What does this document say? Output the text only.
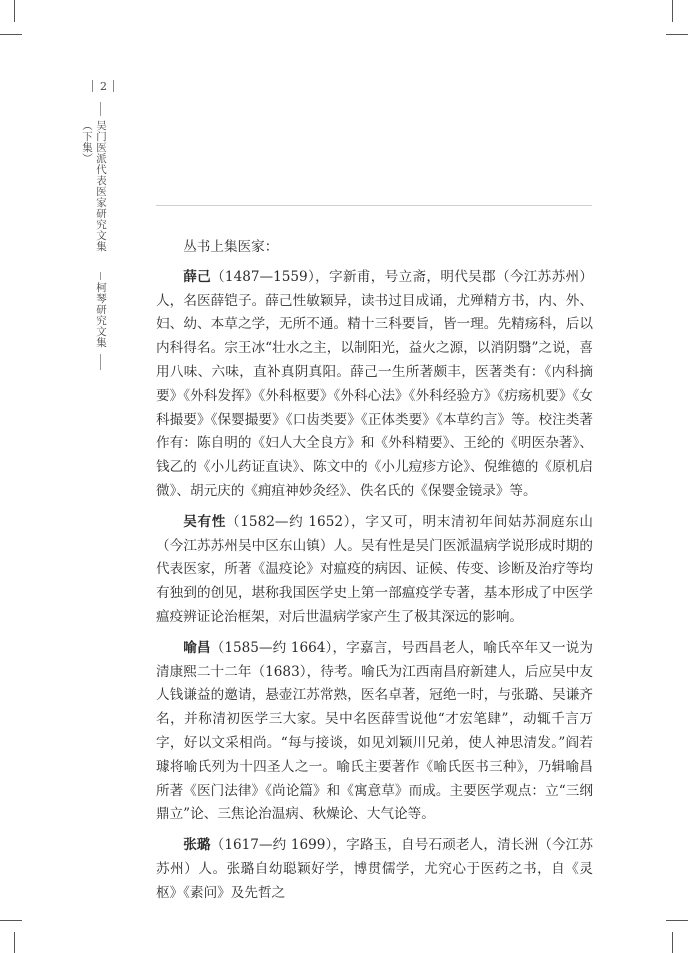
2
吴门医派代表医家研究文集（下集）
柯琴研究文集

丛书上集医家：

薛己（1487—1559），字新甫，号立斋，明代吴郡（今江苏苏州）人，名医薛铠子。薛己性敏颖异，读书过目成诵，尤殚精方书，内、外、妇、幼、本草之学，无所不通。精十三科要旨，皆一理。先精疡科，后以内科得名。宗王冰“壮水之主，以制阳光，益火之源，以消阴翳”之说，喜用八味、六味，直补真阴真阳。薛己一生所著颇丰，医著类有：《内科摘要》《外科发挥》《外科枢要》《外科心法》《外科经验方》《疠疡机要》《女科撮要》《保婴撮要》《口齿类要》《正体类要》《本草约言》等。校注类著作有：陈自明的《妇人大全良方》和《外科精要》、王纶的《明医杂著》、钱乙的《小儿药证直诀》、陈文中的《小儿痘疹方论》、倪维德的《原机启微》、胡元庆的《痈疽神妙灸经》、佚名氏的《保婴金镜录》等。

吴有性（1582—约 1652），字又可，明末清初年间姑苏洞庭东山（今江苏苏州吴中区东山镇）人。吴有性是吴门医派温病学说形成时期的代表医家，所著《温疫论》对瘟疫的病因、证候、传变、诊断及治疗等均有独到的创见，堪称我国医学史上第一部瘟疫学专著，基本形成了中医学瘟疫辨证论治框架，对后世温病学家产生了极其深远的影响。

喻昌（1585—约 1664），字嘉言，号西昌老人，喻氏卒年又一说为清康熙二十二年（1683），待考。喻氏为江西南昌府新建人，后应吴中友人钱谦益的邀请，悬壶江苏常熟，医名卓著，冠绝一时，与张璐、吴谦齐名，并称清初医学三大家。吴中名医薛雪说他“才宏笔肆”，动辄千言万字，好以文采相尚。“每与接谈，如见刘颖川兄弟，使人神思清发。”阎若璩将喻氏列为十四圣人之一。喻氏主要著作《喻氏医书三种》，乃辑喻昌所著《医门法律》《尚论篇》和《寓意草》而成。主要医学观点：立“三纲鼎立”论、三焦论治温病、秋燥论、大气论等。

张璐（1617—约 1699），字路玉，自号石顽老人，清长洲（今江苏苏州）人。张璐自幼聪颖好学，博贯儒学，尤究心于医药之书，自《灵枢》《素问》及先哲之
